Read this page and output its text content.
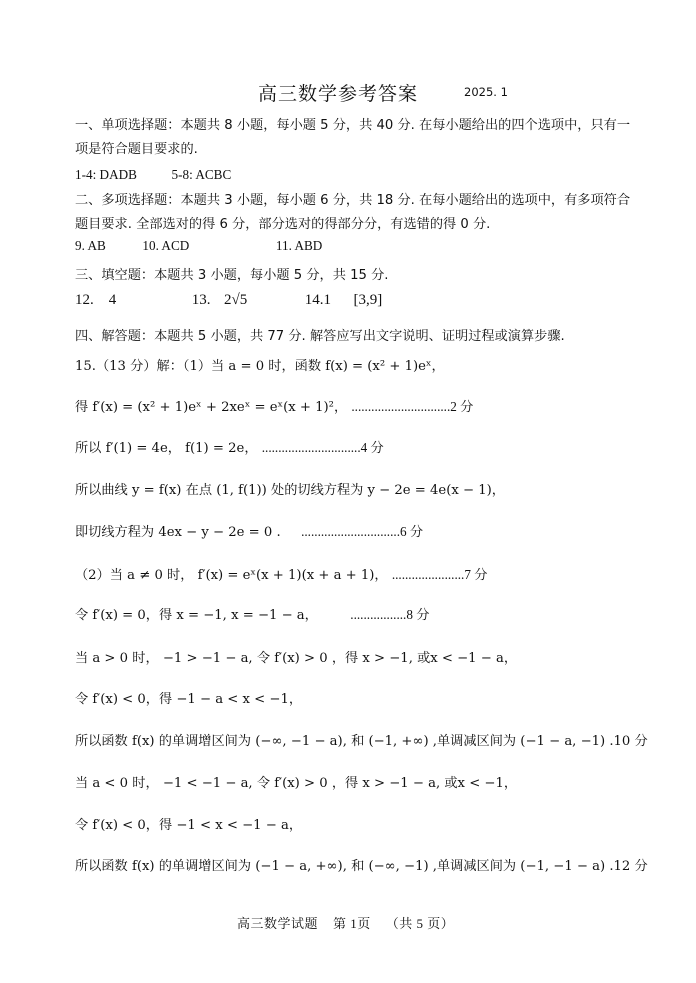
高三数学参考答案	2025. 1
一、单项选择题：本题共 8 小题，每小题 5 分，共 40 分. 在每小题给出的四个选项中，只有一项是符合题目要求的.
1-4: DADB	5-8: ACBC
二、多项选择题：本题共 3 小题，每小题 6 分，共 18 分. 在每小题给出的选项中，有多项符合题目要求. 全部选对的得 6 分，部分选对的得部分分，有选错的得 0 分.
9. AB	10. ACD	11. ABD
三、填空题：本题共 3 小题，每小题 5 分，共 15 分.
12.    4	13. 2√5	14.1      [3,9]
四、解答题：本题共 5 小题，共 77 分. 解答应写出文字说明、证明过程或演算步骤.
15.（13 分）解：（1）当 a = 0 时，函数 f(x) = (x² + 1)eˣ，
得 f′(x) = (x² + 1)eˣ + 2xeˣ = eˣ(x + 1)²， ..............................2 分
所以 f′(1) = 4e， f(1) = 2e， ..............................4 分
所以曲线 y = f(x) 在点 (1, f(1)) 处的切线方程为 y − 2e = 4e(x − 1)，
即切线方程为 4ex − y − 2e = 0 . ..............................6 分
（2）当 a ≠ 0 时， f′(x) = eˣ(x + 1)(x + a + 1)， ......................7 分
令 f′(x) = 0，得 x = −1, x = −1 − a， .................8 分
当 a > 0 时， −1 > −1 − a, 令 f′(x) > 0 ，得 x > −1, 或x < −1 − a，
令 f′(x) < 0，得 −1 − a < x < −1，
所以函数 f(x) 的单调增区间为 (−∞, −1 − a), 和 (−1, +∞) ,单调减区间为 (−1 − a, −1) .10 分
当 a < 0 时， −1 < −1 − a, 令 f′(x) > 0 ，得 x > −1 − a, 或x < −1，
令 f′(x) < 0，得 −1 < x < −1 − a，
所以函数 f(x) 的单调增区间为 (−1 − a, +∞), 和 (−∞, −1) ,单调减区间为 (−1, −1 − a) .12 分
高三数学试题    第 1页    （共 5 页）
